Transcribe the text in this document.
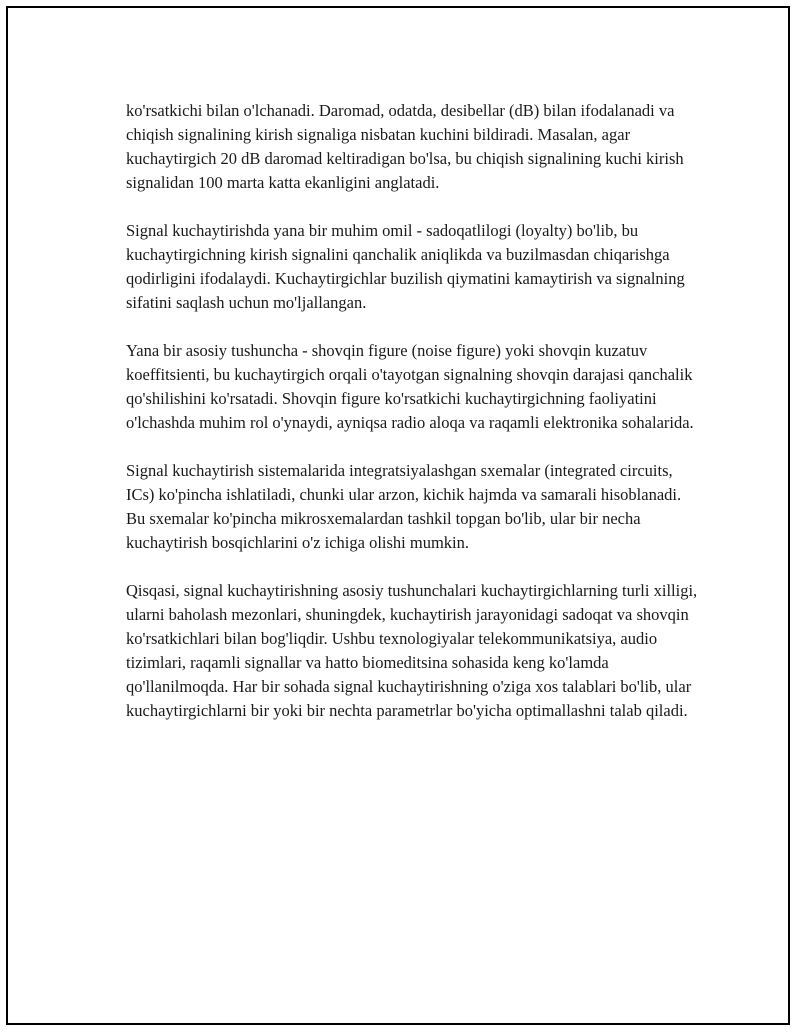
ko'rsatkichi bilan o'lchanadi. Daromad, odatda, desibellar (dB) bilan ifodalanadi va chiqish signalining kirish signaliga nisbatan kuchini bildiradi. Masalan, agar kuchaytirgich 20 dB daromad keltiradigan bo'lsa, bu chiqish signalining kuchi kirish signalidan 100 marta katta ekanligini anglatadi.

Signal kuchaytirishda yana bir muhim omil - sadoqatlilogi (loyalty) bo'lib, bu kuchaytirgichning kirish signalini qanchalik aniqlikda va buzilmasdan chiqarishga qodirligini ifodalaydi. Kuchaytirgichlar buzilish qiymatini kamaytirish va signalning sifatini saqlash uchun mo'ljallangan.

Yana bir asosiy tushuncha - shovqin figure (noise figure) yoki shovqin kuzatuv koeffitsienti, bu kuchaytirgich orqali o'tayotgan signalning shovqin darajasi qanchalik qo'shilishini ko'rsatadi. Shovqin figure ko'rsatkichi kuchaytirgichning faoliyatini o'lchashda muhim rol o'ynaydi, ayniqsa radio aloqa va raqamli elektronika sohalarida.

Signal kuchaytirish sistemalarida integratsiyalashgan sxemalar (integrated circuits, ICs) ko'pincha ishlatiladi, chunki ular arzon, kichik hajmda va samarali hisoblanadi. Bu sxemalar ko'pincha mikrosxemalardan tashkil topgan bo'lib, ular bir necha kuchaytirish bosqichlarini o'z ichiga olishi mumkin.

Qisqasi, signal kuchaytirishning asosiy tushunchalari kuchaytirgichlarning turli xilligi, ularni baholash mezonlari, shuningdek, kuchaytirish jarayonidagi sadoqat va shovqin ko'rsatkichlari bilan bog'liqdir. Ushbu texnologiyalar telekommunikatsiya, audio tizimlari, raqamli signallar va hatto biomeditsina sohasida keng ko'lamda qo'llanilmoqda. Har bir sohada signal kuchaytirishning o'ziga xos talablari bo'lib, ular kuchaytirgichlarni bir yoki bir nechta parametrlar bo'yicha optimallashni talab qiladi.
